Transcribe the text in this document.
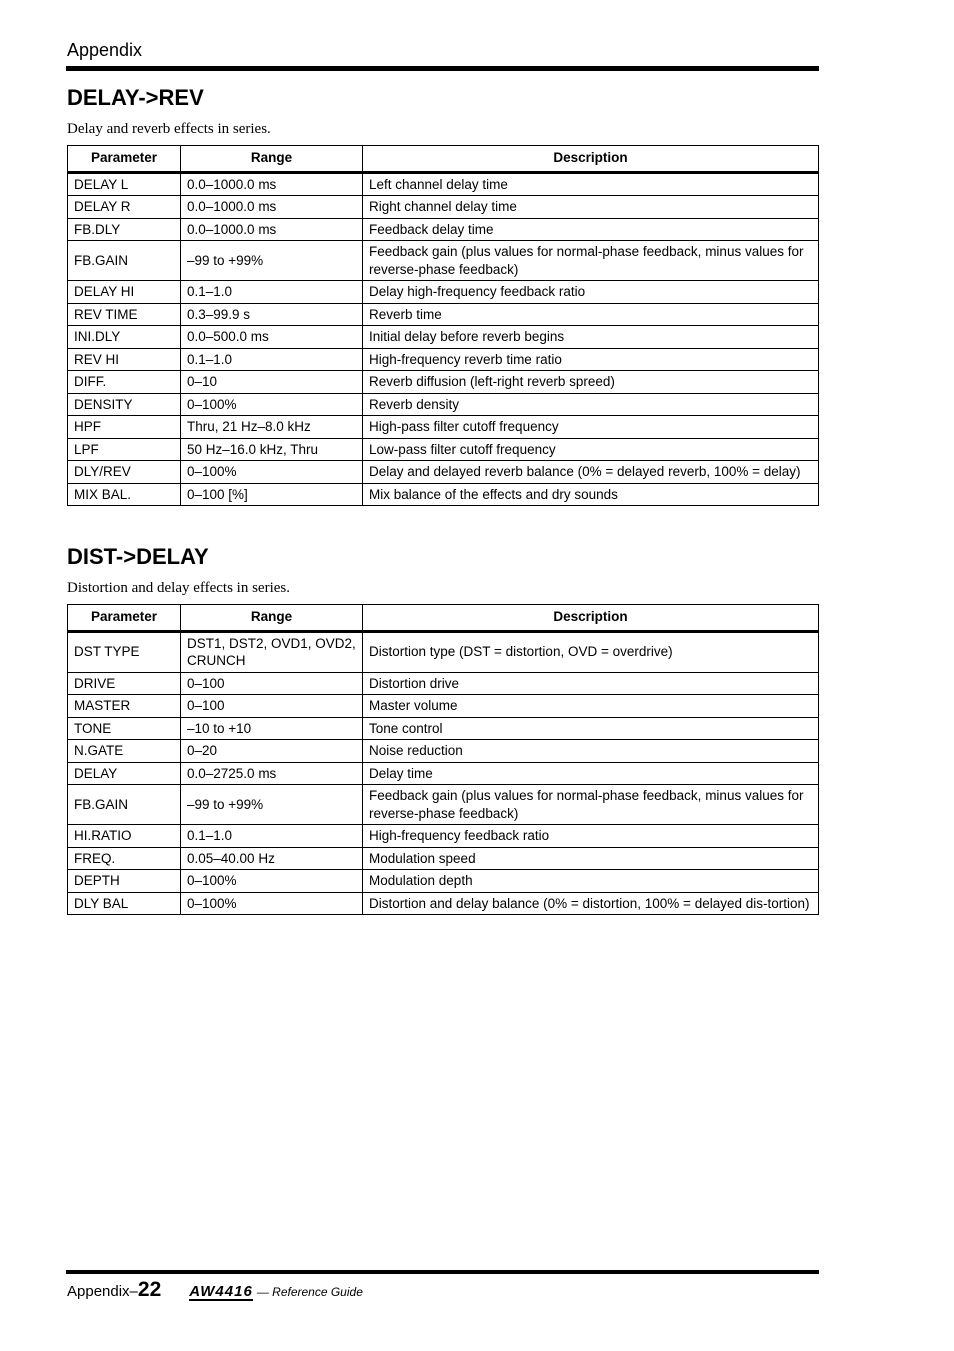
Appendix
DELAY->REV

Delay and reverb effects in series.

Parameter	Range	Description
DELAY L	0.0–1000.0 ms	Left channel delay time
DELAY R	0.0–1000.0 ms	Right channel delay time
FB.DLY	0.0–1000.0 ms	Feedback delay time
FB.GAIN	–99 to +99%	Feedback gain (plus values for normal-phase feedback, minus values for reverse-phase feedback)
DELAY HI	0.1–1.0	Delay high-frequency feedback ratio
REV TIME	0.3–99.9 s	Reverb time
INI.DLY	0.0–500.0 ms	Initial delay before reverb begins
REV HI	0.1–1.0	High-frequency reverb time ratio
DIFF.	0–10	Reverb diffusion (left-right reverb spreed)
DENSITY	0–100%	Reverb density
HPF	Thru, 21 Hz–8.0 kHz	High-pass filter cutoff frequency
LPF	50 Hz–16.0 kHz, Thru	Low-pass filter cutoff frequency
DLY/REV	0–100%	Delay and delayed reverb balance (0% = delayed reverb, 100% = delay)
MIX BAL.	0–100 [%]	Mix balance of the effects and dry sounds
DIST->DELAY

Distortion and delay effects in series.

Parameter	Range	Description
DST TYPE	DST1, DST2, OVD1, OVD2, CRUNCH	Distortion type (DST = distortion, OVD = overdrive)
DRIVE	0–100	Distortion drive
MASTER	0–100	Master volume
TONE	–10 to +10	Tone control
N.GATE	0–20	Noise reduction
DELAY	0.0–2725.0 ms	Delay time
FB.GAIN	–99 to +99%	Feedback gain (plus values for normal-phase feedback, minus values for reverse-phase feedback)
HI.RATIO	0.1–1.0	High-frequency feedback ratio
FREQ.	0.05–40.00 Hz	Modulation speed
DEPTH	0–100%	Modulation depth
DLY BAL	0–100%	Distortion and delay balance (0% = distortion, 100% = delayed dis-tortion)
Appendix– 22 AW4416 — Reference Guide
